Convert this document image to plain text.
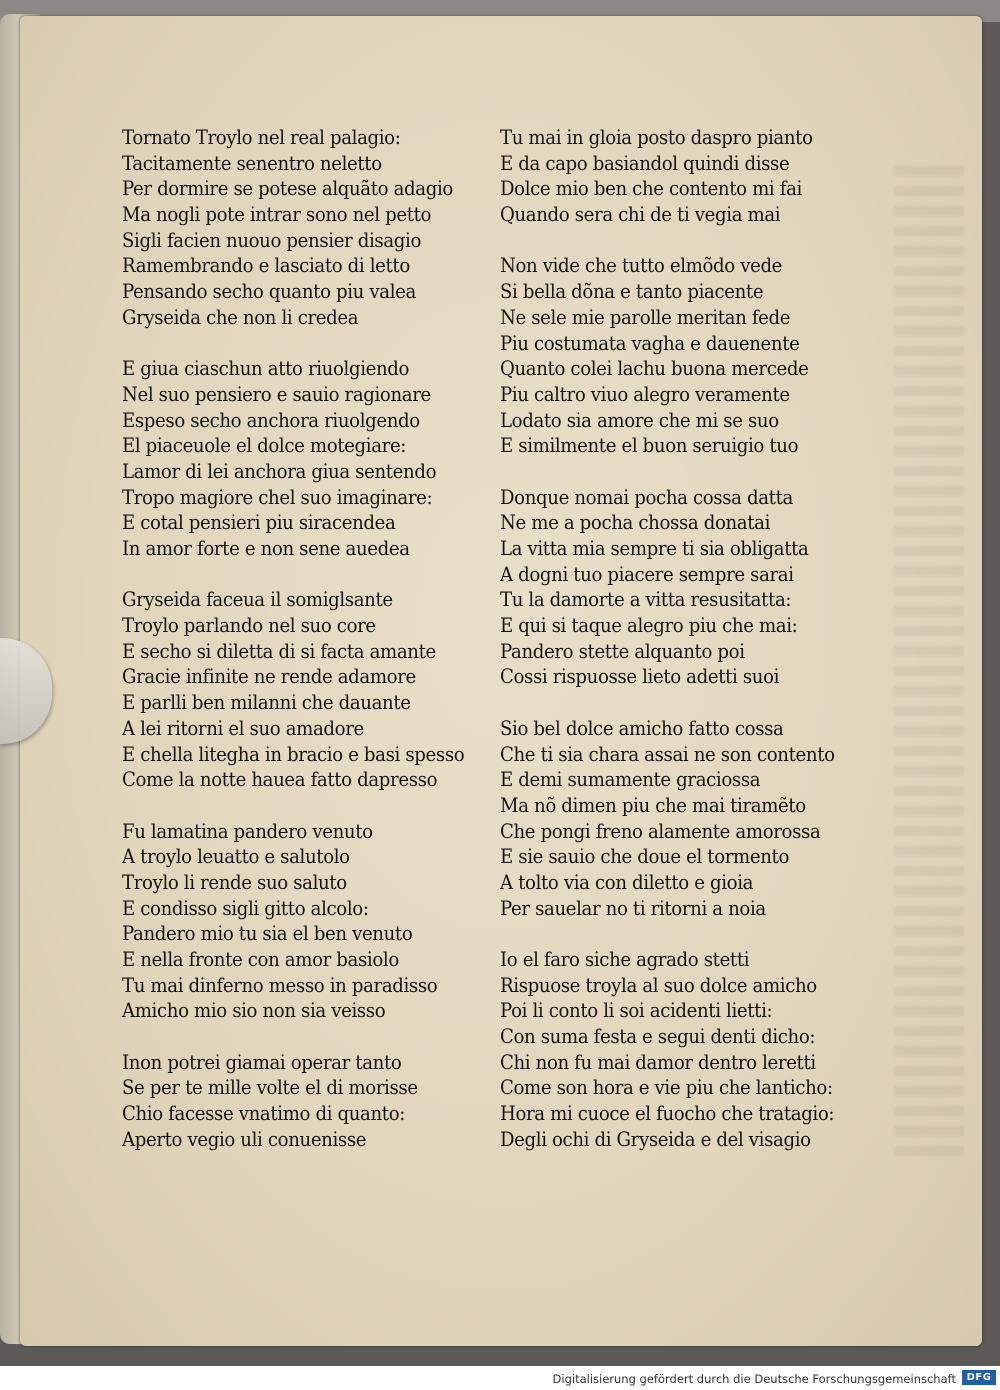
Tornato Troylo nel real palagio:
Tacitamente senentro neletto
Per dormire se potese alquãto adagio
Ma nogli pote intrar sono nel petto
Sigli facien nuouo pensier disagio
Ramembrando e lasciato di letto
Pensando secho quanto piu valea
Gryseida che non li credea
E giua ciaschun atto riuolgiendo
Nel suo pensiero e sauio ragionare
Espeso secho anchora riuolgendo
El piaceuole el dolce motegiare:
Lamor di lei anchora giua sentendo
Tropo magiore chel suo imaginare:
E cotal pensieri piu siracendea
In amor forte e non sene auedea
Gryseida faceua il somiglsante
Troylo parlando nel suo core
E secho si diletta di si facta amante
Gracie infinite ne rende adamore
E parlli ben milanni che dauante
A lei ritorni el suo amadore
E chella litegha in bracio e basi spesso
Come la notte hauea fatto dapresso
Fu lamatina pandero venuto
A troylo leuatto e salutolo
Troylo li rende suo saluto
E condisso sigli gitto alcolo:
Pandero mio tu sia el ben venuto
E nella fronte con amor basiolo
Tu mai dinferno messo in paradisso
Amicho mio sio non sia veisso
Inon potrei giamai operar tanto
Se per te mille volte el di morisse
Chio facesse vnatimo di quanto:
Aperto vegio uli conuenisse
Tu mai in gloia posto daspro pianto
E da capo basiandol quindi disse
Dolce mio ben che contento mi fai
Quando sera chi de ti vegia mai
Non vide che tutto elmõdo vede
Si bella dõna e tanto piacente
Ne sele mie parolle meritan fede
Piu costumata vagha e dauenente
Quanto colei lachu buona mercede
Piu caltro viuo alegro veramente
Lodato sia amore che mi se suo
E similmente el buon seruigio tuo
Donque nomai pocha cossa datta
Ne me a pocha chossa donatai
La vitta mia sempre ti sia obligatta
A dogni tuo piacere sempre sarai
Tu la damorte a vitta resusitatta:
E qui si taque alegro piu che mai:
Pandero stette alquanto poi
Cossi rispuosse lieto adetti suoi
Sio bel dolce amicho fatto cossa
Che ti sia chara assai ne son contento
E demi sumamente graciossa
Ma nõ dimen piu che mai tiramẽto
Che pongi freno alamente amorossa
E sie sauio che doue el tormento
A tolto via con diletto e gioia
Per sauelar no ti ritorni a noia
Io el faro siche agrado stetti
Rispuose troyla al suo dolce amicho
Poi li conto li soi acidenti lietti:
Con suma festa e segui denti dicho:
Chi non fu mai damor dentro leretti
Come son hora e vie piu che lanticho:
Hora mi cuoce el fuocho che tratagio:
Degli ochi di Gryseida e del visagio
Digitalisierung gefördert durch die Deutsche Forschungsgemeinschaft	DFG
